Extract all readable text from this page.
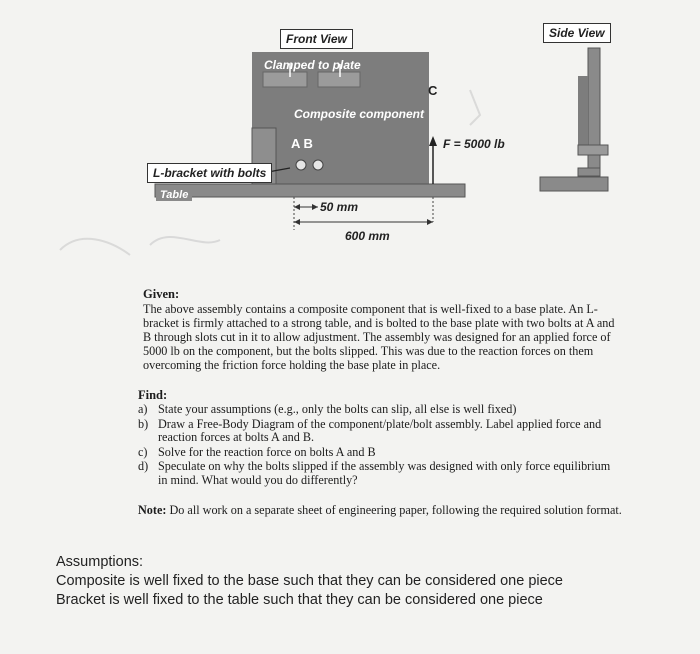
Front View	Side View
Clamped to plate
Composite component
C
A B	F = 5000 lb
L-bracket with bolts
Table
50 mm
600 mm
Given:

The above assembly contains a composite component that is well-fixed to a base plate. An L-

bracket is firmly attached to a strong table, and is bolted to the base plate with two bolts at A and

B through slots cut in it to allow adjustment. The assembly was designed for an applied force of

5000 lb on the component, but the bolts slipped. This was due to the reaction forces on them

overcoming the friction force holding the base plate in place.

Find:
a) State your assumptions (e.g., only the bolts can slip, all else is well fixed)
b) Draw a Free-Body Diagram of the component/plate/bolt assembly. Label applied force and
reaction forces at bolts A and B.
c) Solve for the reaction force on bolts A and B
d) Speculate on why the bolts slipped if the assembly was designed with only force equilibrium
in mind. What would you do differently?
Note: Do all work on a separate sheet of engineering paper, following the required solution format.
Assumptions:
Composite is well fixed to the base such that they can be considered one piece
Bracket is well fixed to the table such that they can be considered one piece
